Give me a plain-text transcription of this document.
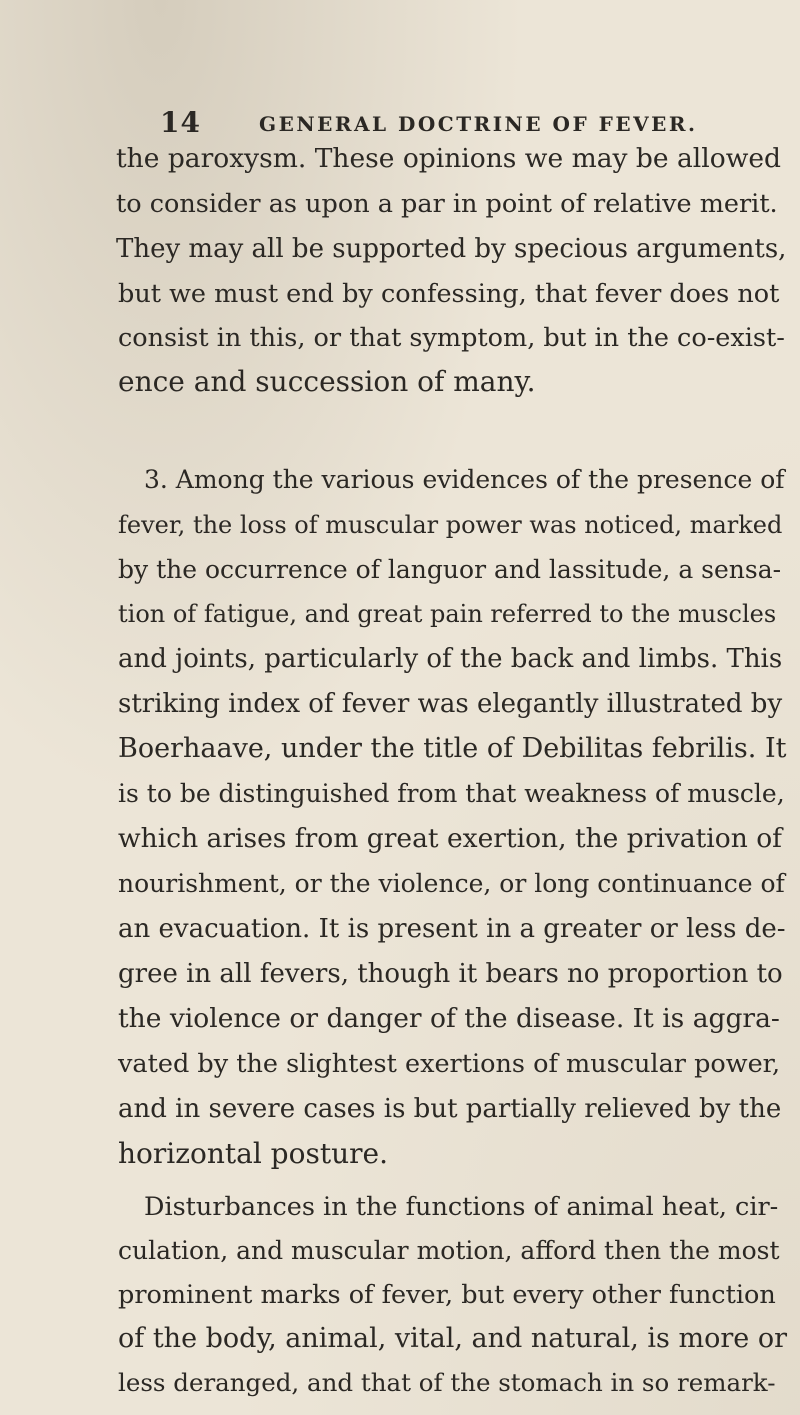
14	GENERAL DOCTRINE OF FEVER.
the paroxysm. These opinions we may be allowed
to consider as upon a par in point of relative merit.
They may all be supported by specious arguments,
but we must end by confessing, that fever does not
consist in this, or that symptom, but in the co-exist-
ence and succession of many.
3. Among the various evidences of the presence of
fever, the loss of muscular power was noticed, marked
by the occurrence of languor and lassitude, a sensa-
tion of fatigue, and great pain referred to the muscles
and joints, particularly of the back and limbs. This
striking index of fever was elegantly illustrated by
Boerhaave, under the title of Debilitas febrilis. It
is to be distinguished from that weakness of muscle,
which arises from great exertion, the privation of
nourishment, or the violence, or long continuance of
an evacuation. It is present in a greater or less de-
gree in all fevers, though it bears no proportion to
the violence or danger of the disease. It is aggra-
vated by the slightest exertions of muscular power,
and in severe cases is but partially relieved by the
horizontal posture.
Disturbances in the functions of animal heat, cir-
culation, and muscular motion, afford then the most
prominent marks of fever, but every other function
of the body, animal, vital, and natural, is more or
less deranged, and that of the stomach in so remark-
